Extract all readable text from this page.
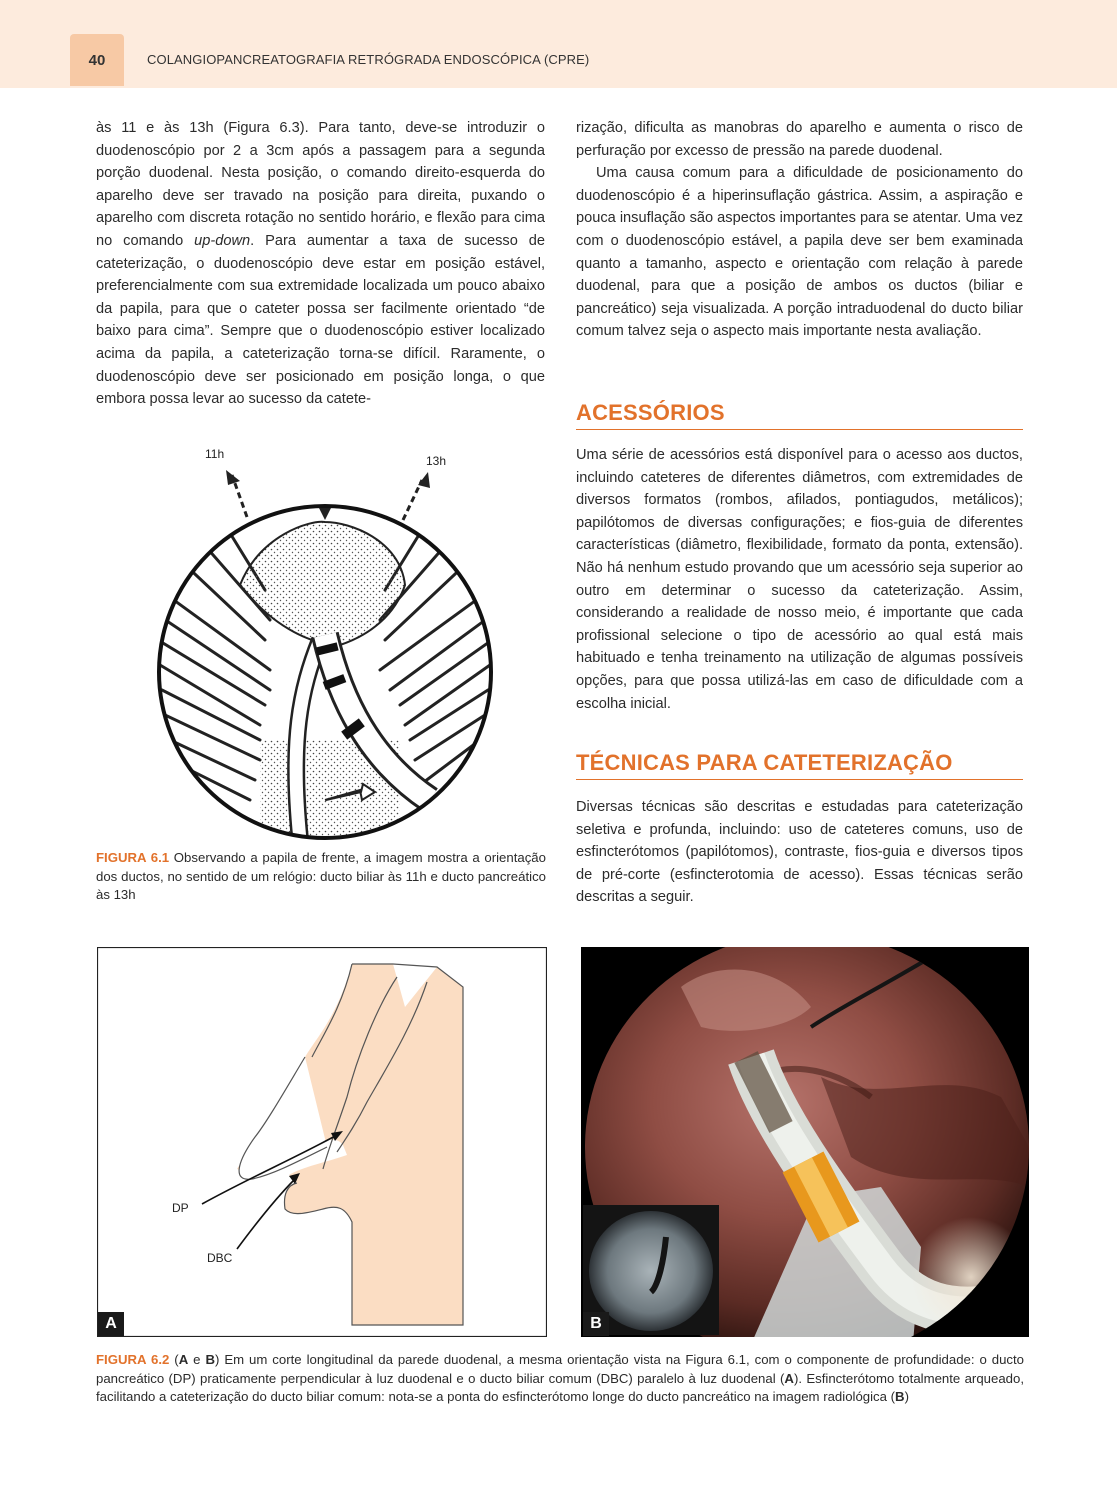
40	COLANGIOPANCREATOGRAFIA RETRÓGRADA ENDOSCÓPICA (CPRE)

às 11 e às 13h (Figura 6.3). Para tanto, deve-se introduzir o duodenoscópio por 2 a 3cm após a passagem para a segunda porção duodenal. Nesta posição, o comando direito-esquerda do aparelho deve ser travado na posição para direita, puxando o aparelho com discreta rotação no sentido horário, e flexão para cima no comando up-down. Para aumentar a taxa de sucesso de cateterização, o duodenoscópio deve estar em posição estável, preferencialmente com sua extremidade localizada um pouco abaixo da papila, para que o cateter possa ser facilmente orientado “de baixo para cima”. Sempre que o duodenoscópio estiver localizado acima da papila, a cateterização torna-se difícil. Raramente, o duodenoscópio deve ser posicionado em posição longa, o que embora possa levar ao sucesso da catete-

rização, dificulta as manobras do aparelho e aumenta o risco de perfuração por excesso de pressão na parede duodenal.

Uma causa comum para a dificuldade de posicionamento do duodenoscópio é a hiperinsuflação gástrica. Assim, a aspiração e pouca insuflação são aspectos importantes para se atentar. Uma vez com o duodenoscópio estável, a papila deve ser bem examinada quanto a tamanho, aspecto e orientação com relação à parede duodenal, para que a posição de ambos os ductos (biliar e pancreático) seja visualizada. A porção intraduodenal do ducto biliar comum talvez seja o aspecto mais importante nesta avaliação.

ACESSÓRIOS

Uma série de acessórios está disponível para o acesso aos ductos, incluindo cateteres de diferentes diâmetros, com extremidades de diversos formatos (rombos, afilados, pontiagudos, metálicos); papilótomos de diversas configurações; e fios-guia de diferentes características (diâmetro, flexibilidade, formato da ponta, extensão). Não há nenhum estudo provando que um acessório seja superior ao outro em determinar o sucesso da cateterização. Assim, considerando a realidade de nosso meio, é importante que cada profissional selecione o tipo de acessório ao qual está mais habituado e tenha treinamento na utilização de algumas possíveis opções, para que possa utilizá-las em caso de dificuldade com a escolha inicial.

TÉCNICAS PARA CATETERIZAÇÃO

Diversas técnicas são descritas e estudadas para cateterização seletiva e profunda, incluindo: uso de cateteres comuns, uso de esfincterótomos (papilótomos), contraste, fios-guia e diversos tipos de pré-corte (esfincterotomia de acesso). Essas técnicas serão descritas a seguir.

11h	13h
FIGURA 6.1 Observando a papila de frente, a imagem mostra a orientação dos ductos, no sentido de um relógio: ducto biliar às 11h e ducto pancreático às 13h
DP
DBC
A	B
FIGURA 6.2 (A e B) Em um corte longitudinal da parede duodenal, a mesma orientação vista na Figura 6.1, com o componente de profundidade: o ducto pancreático (DP) praticamente perpendicular à luz duodenal e o ducto biliar comum (DBC) paralelo à luz duodenal (A). Esfincterótomo totalmente arqueado, facilitando a cateterização do ducto biliar comum: nota-se a ponta do esfincterótomo longe do ducto pancreático na imagem radiológica (B)
